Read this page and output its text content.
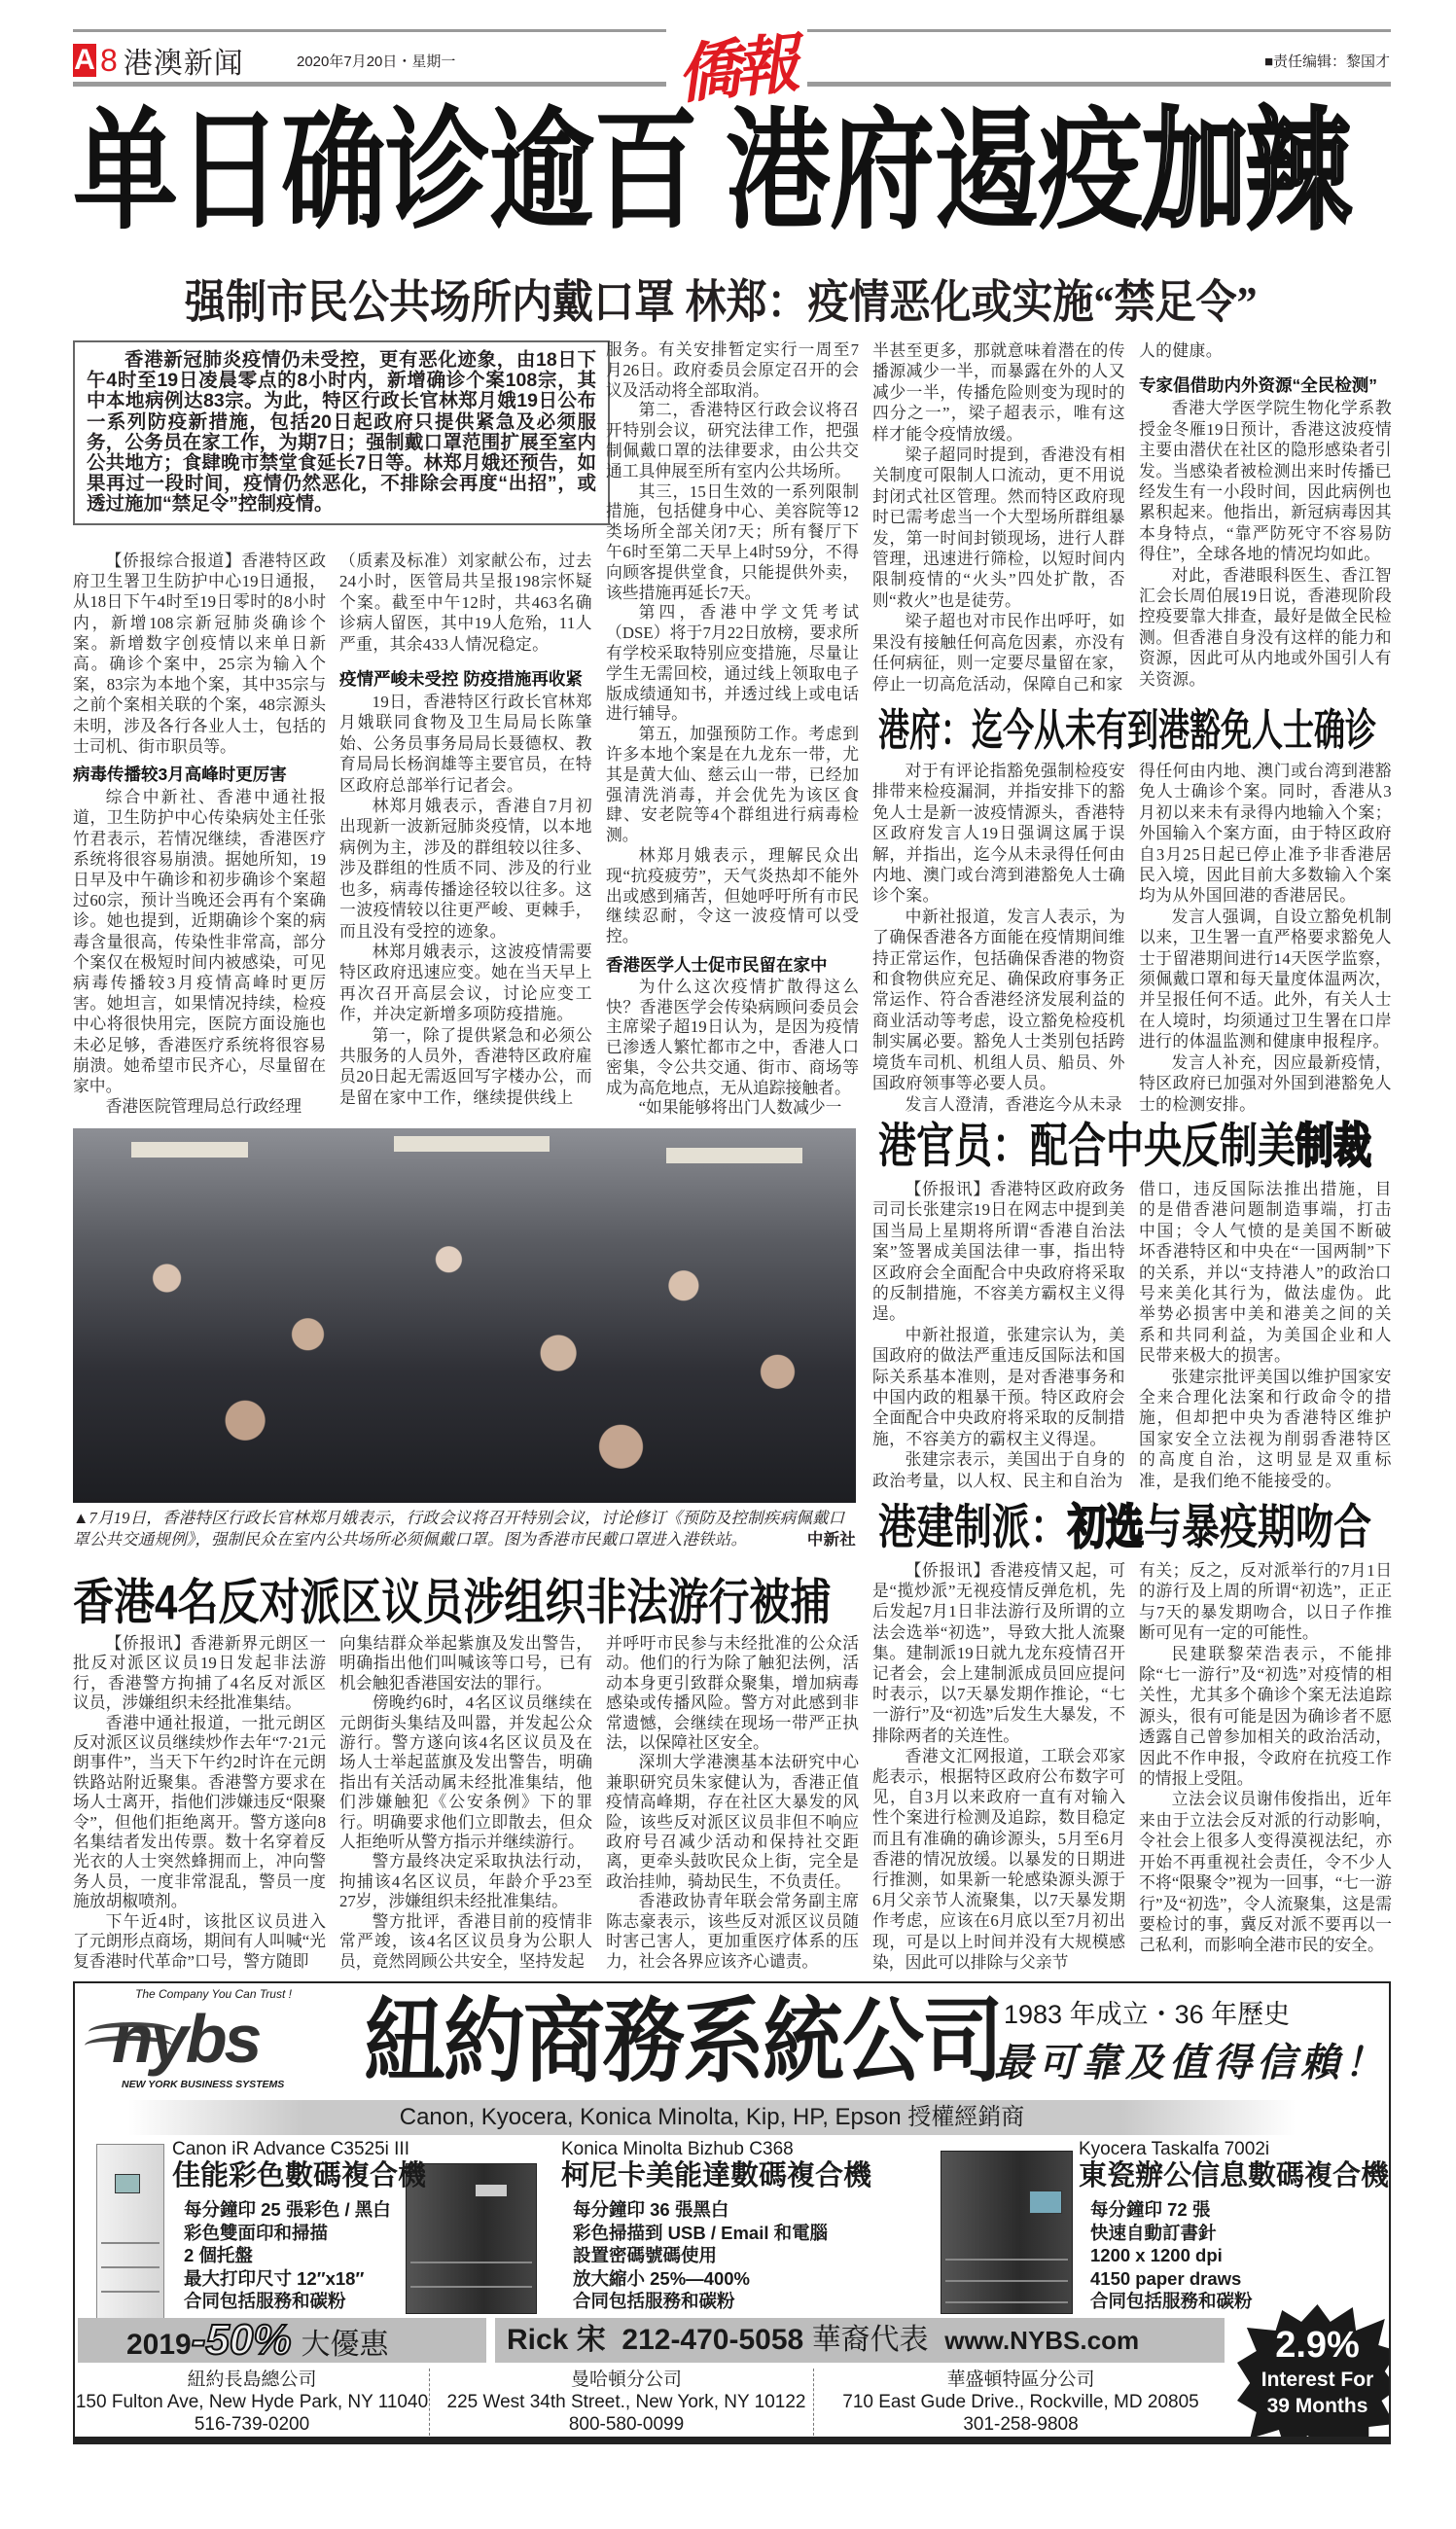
A 8 港澳新闻	2020年7月20日・星期一	僑報	■责任编辑：黎国才
单日确诊逾百 港府遏疫加辣
强制市民公共场所内戴口罩 林郑：疫情恶化或实施“禁足令”
香港新冠肺炎疫情仍未受控，更有恶化迹象，由18日下午4时至19日凌晨零点的8小时内，新增确诊个案108宗，其中本地病例达83宗。为此，特区行政长官林郑月娥19日公布一系列防疫新措施，包括20日起政府只提供紧急及必须服务，公务员在家工作，为期7日；强制戴口罩范围扩展至室内公共地方；食肆晚市禁堂食延长7日等。林郑月娥还预告，如果再过一段时间，疫情仍然恶化，不排除会再度“出招”，或透过施加“禁足令”控制疫情。

【侨报综合报道】香港特区政府卫生署卫生防护中心19日通报，从18日下午4时至19日零时的8小时内，新增108宗新冠肺炎确诊个案。新增数字创疫情以来单日新高。确诊个案中，25宗为输入个案，83宗为本地个案，其中35宗与之前个案相关联的个案，48宗源头未明，涉及各行各业人士，包括的士司机、街市职员等。

病毒传播较3月高峰时更厉害

综合中新社、香港中通社报道，卫生防护中心传染病处主任张竹君表示，若情况继续，香港医疗系统将很容易崩溃。据她所知，19日早及中午确诊和初步确诊个案超过60宗，预计当晚还会再有个案确诊。她也提到，近期确诊个案的病毒含量很高，传染性非常高，部分个案仅在极短时间内被感染，可见病毒传播较3月疫情高峰时更厉害。她坦言，如果情况持续，检疫中心将很快用完，医院方面设施也未必足够，香港医疗系统将很容易崩溃。她希望市民齐心，尽量留在家中。

香港医院管理局总行政经理

（质素及标准）刘家献公布，过去24小时，医管局共呈报198宗怀疑个案。截至中午12时，共463名确诊病人留医，其中19人危殆，11人严重，其余433人情况稳定。

疫情严峻未受控 防疫措施再收紧

19日，香港特区行政长官林郑月娥联同食物及卫生局局长陈肇始、公务员事务局局长聂德权、教育局局长杨润雄等主要官员，在特区政府总部举行记者会。

林郑月娥表示，香港自7月初出现新一波新冠肺炎疫情，以本地病例为主，涉及的群组较以往多、涉及群组的性质不同、涉及的行业也多，病毒传播途径较以往多。这一波疫情较以往更严峻、更棘手，而且没有受控的迹象。

林郑月娥表示，这波疫情需要特区政府迅速应变。她在当天早上再次召开高层会议，讨论应变工作，并决定新增多项防疫措施。

第一，除了提供紧急和必须公共服务的人员外，香港特区政府雇员20日起无需返回写字楼办公，而是留在家中工作，继续提供线上

服务。有关安排暂定实行一周至7月26日。政府委员会原定召开的会议及活动将全部取消。

第二，香港特区行政会议将召开特别会议，研究法律工作，把强制佩戴口罩的法律要求，由公共交通工具伸展至所有室内公共场所。

其三，15日生效的一系列限制措施，包括健身中心、美容院等12类场所全部关闭7天；所有餐厅下午6时至第二天早上4时59分，不得向顾客提供堂食，只能提供外卖，该些措施再延长7天。

第四，香港中学文凭考试（DSE）将于7月22日放榜，要求所有学校采取特别应变措施，尽量让学生无需回校，通过线上领取电子版成绩通知书，并透过线上或电话进行辅导。

第五，加强预防工作。考虑到许多本地个案是在九龙东一带，尤其是黄大仙、慈云山一带，已经加强清洗消毒，并会优先为该区食肆、安老院等4个群组进行病毒检测。

林郑月娥表示，理解民众出现“抗疫疲劳”，天气炎热却不能外出或感到痛苦，但她呼吁所有市民继续忍耐，令这一波疫情可以受控。

香港医学人士促市民留在家中

为什么这次疫情扩散得这么快？香港医学会传染病顾问委员会主席梁子超19日认为，是因为疫情已渗透人繁忙都市之中，香港人口密集，令公共交通、街市、商场等成为高危地点，无从追踪接触者。

“如果能够将出门人数减少一

半甚至更多，那就意味着潜在的传播源减少一半，而暴露在外的人又减少一半，传播危险则变为现时的四分之一”，梁子超表示，唯有这样才能令疫情放缓。

梁子超同时提到，香港没有相关制度可限制人口流动，更不用说封闭式社区管理。然而特区政府现时已需考虑当一个大型场所群组暴发，第一时间封锁现场，进行人群管理，迅速进行筛检，以短时间内限制疫情的“火头”四处扩散，否则“救火”也是徒劳。

梁子超也对市民作出呼吁，如果没有接触任何高危因素，亦没有任何病征，则一定要尽量留在家，停止一切高危活动，保障自己和家

人的健康。

专家倡借助内外资源“全民检测”

香港大学医学院生物化学系教授金冬雁19日预计，香港这波疫情主要由潜伏在社区的隐形感染者引发。当感染者被检测出来时传播已经发生有一小段时间，因此病例也累积起来。他指出，新冠病毒因其本身特点，“靠严防死守不容易防得住”，全球各地的情况均如此。

对此，香港眼科医生、香江智汇会长周伯展19日说，香港现阶段控疫要靠大排查，最好是做全民检测。但香港自身没有这样的能力和资源，因此可从内地或外国引人有关资源。

港府：迄今从未有到港豁免人士确诊

对于有评论指豁免强制检疫安排带来检疫漏洞，并指安排下的豁免人士是新一波疫情源头，香港特区政府发言人19日强调这属于误解，并指出，迄今从未录得任何由内地、澳门或台湾到港豁免人士确诊个案。

中新社报道，发言人表示，为了确保香港各方面能在疫情期间维持正常运作，包括确保香港的物资和食物供应充足、确保政府事务正常运作、符合香港经济发展利益的商业活动等考虑，设立豁免检疫机制实属必要。豁免人士类别包括跨境货车司机、机组人员、船员、外国政府领事等必要人员。

发言人澄清，香港迄今从未录

得任何由内地、澳门或台湾到港豁免人士确诊个案。同时，香港从3月初以来未有录得内地输入个案；外国输入个案方面，由于特区政府自3月25日起已停止准予非香港居民入境，因此目前大多数输入个案均为从外国回港的香港居民。

发言人强调，自设立豁免机制以来，卫生署一直严格要求豁免人士于留港期间进行14天医学监察，须佩戴口罩和每天量度体温两次，并呈报任何不适。此外，有关人士在人境时，均须通过卫生署在口岸进行的体温监测和健康申报程序。

发言人补充，因应最新疫情，特区政府已加强对外国到港豁免人士的检测安排。

港官员：配合中央反制美制裁

【侨报讯】香港特区政府政务司司长张建宗19日在网志中提到美国当局上星期将所谓“香港自治法案”签署成美国法律一事，指出特区政府会全面配合中央政府将采取的反制措施，不容美方霸权主义得逞。

中新社报道，张建宗认为，美国政府的做法严重违反国际法和国际关系基本准则，是对香港事务和中国内政的粗暴干预。特区政府会全面配合中央政府将采取的反制措施，不容美方的霸权主义得逞。

张建宗表示，美国出于自身的政治考量，以人权、民主和自治为

借口，违反国际法推出措施，目的是借香港问题制造事端，打击中国；令人气愤的是美国不断破坏香港特区和中央在“一国两制”下的关系，并以“支持港人”的政治口号来美化其行为，做法虚伪。此举势必损害中美和港美之间的关系和共同利益，为美国企业和人民带来极大的损害。

张建宗批评美国以维护国家安全来合理化法案和行政命令的措施，但却把中央为香港特区维护国家安全立法视为削弱香港特区的高度自治，这明显是双重标准，是我们绝不能接受的。

港建制派：初选与暴疫期吻合

【侨报讯】香港疫情又起，可是“揽炒派”无视疫情反弹危机，先后发起7月1日非法游行及所谓的立法会选举“初选”，导致大批人流聚集。建制派19日就九龙东疫情召开记者会，会上建制派成员回应提问时表示，以7天暴发期作推论，“七一游行”及“初选”后发生大暴发，不排除两者的关连性。

香港文汇网报道，工联会邓家彪表示，根据特区政府公布数字可见，自3月以来政府一直有对输入性个案进行检测及追踪，数目稳定而且有准确的确诊源头，5月至6月香港的情况放缓。以暴发的日期进行推测，如果新一轮感染源头源于6月父亲节人流聚集，以7天暴发期作考虑，应该在6月底以至7月初出现，可是以上时间并没有大规模感染，因此可以排除与父亲节

有关；反之，反对派举行的7月1日的游行及上周的所谓“初选”，正正与7天的暴发期吻合，以日子作推断可见有一定的可能性。

民建联黎荣浩表示，不能排除“七一游行”及“初选”对疫情的相关性，尤其多个确诊个案无法追踪源头，很有可能是因为确诊者不愿透露自己曾参加相关的政治活动，因此不作申报，令政府在抗疫工作的情报上受阻。

立法会议员谢伟俊指出，近年来由于立法会反对派的行动影响，令社会上很多人变得漠视法纪，亦开始不再重视社会责任，令不少人不将“限聚令”视为一回事，“七一游行”及“初选”，令人流聚集，这是需要检讨的事，冀反对派不要再以一己私利，而影响全港市民的安全。

▲7月19日，香港特区行政长官林郑月娥表示，行政会议将召开特别会议，讨论修订《预防及控制疾病佩戴口罩公共交通规例》，强制民众在室内公共场所必须佩戴口罩。图为香港市民戴口罩进入港铁站。	中新社
香港4名反对派区议员涉组织非法游行被捕

【侨报讯】香港新界元朗区一批反对派区议员19日发起非法游行，香港警方拘捕了4名反对派区议员，涉嫌组织未经批准集结。

香港中通社报道，一批元朗区反对派区议员继续炒作去年“7·21元朗事件”，当天下午约2时许在元朗铁路站附近聚集。香港警方要求在场人士离开，指他们涉嫌违反“限聚令”，但他们拒绝离开。警方遂向8名集结者发出传票。数十名穿着反光衣的人士突然蜂拥而上，冲向警务人员，一度非常混乱，警员一度施放胡椒喷剂。

下午近4时，该批区议员进入了元朗形点商场，期间有人叫喊“光复香港时代革命”口号，警方随即

向集结群众举起紫旗及发出警告，明确指出他们叫喊该等口号，已有机会触犯香港国安法的罪行。

傍晚约6时，4名区议员继续在元朗街头集结及叫嚣，并发起公众游行。警方遂向该4名区议员及在场人士举起蓝旗及发出警告，明确指出有关活动属未经批准集结，他们涉嫌触犯《公安条例》下的罪行。明确要求他们立即散去，但众人拒绝听从警方指示并继续游行。

警方最终决定采取执法行动，拘捕该4名区议员，年龄介乎23至27岁，涉嫌组织未经批准集结。

警方批评，香港目前的疫情非常严竣，该4名区议员身为公职人员，竟然罔顾公共安全，坚持发起

并呼吁市民参与未经批准的公众活动。他们的行为除了触犯法例，活动本身更引致群众聚集，增加病毒感染或传播风险。警方对此感到非常遗憾，会继续在现场一带严正执法，以保障社区安全。

深圳大学港澳基本法研究中心兼职研究员朱家健认为，香港正值疫情高峰期，存在社区大暴发的风险，该些反对派区议员非但不响应政府号召减少活动和保持社交距离，更牵头鼓吹民众上街，完全是政治挂帅，骑劫民生，不负责任。

香港政协青年联会常务副主席陈志豪表示，该些反对派区议员随时害己害人，更加重医疗体系的压力，社会各界应该齐心谴责。

The Company You Can Trust !
nybs
NEW YORK BUSINESS SYSTEMS 紐約商務系統公司 1983 年成立・36 年歷史
最可靠及值得信賴！
Canon, Kyocera, Konica Minolta, Kip, HP, Epson 授權經銷商
Canon iR Advance C3525i III
佳能彩色數碼複合機
每分鐘印 25 張彩色 / 黑白
彩色雙面印和掃描
2 個托盤
最大打印尺寸 12″x18″
合同包括服務和碳粉
Konica Minolta Bizhub C368
柯尼卡美能達數碼複合機
每分鐘印 36 張黑白
彩色掃描到 USB / Email 和電腦
設置密碼號碼使用
放大縮小 25%—400%
合同包括服務和碳粉
Kyocera Taskalfa 7002i
東瓷辦公信息數碼複合機
每分鐘印 72 張
快速自動訂書針
1200 x 1200 dpi
4150 paper draws
合同包括服務和碳粉
2019-50% 大優惠	Rick 宋 212-470-5058 華裔代表 www.NYBS.com
紐約長島總公司
150 Fulton Ave, New Hyde Park, NY 11040
516-739-0200
曼哈頓分公司
225 West 34th Street., New York, NY 10122
800-580-0099
華盛頓特區分公司
710 East Gude Drive., Rockville, MD 20805
301-258-9808
2.9%
Interest For
39 Months
